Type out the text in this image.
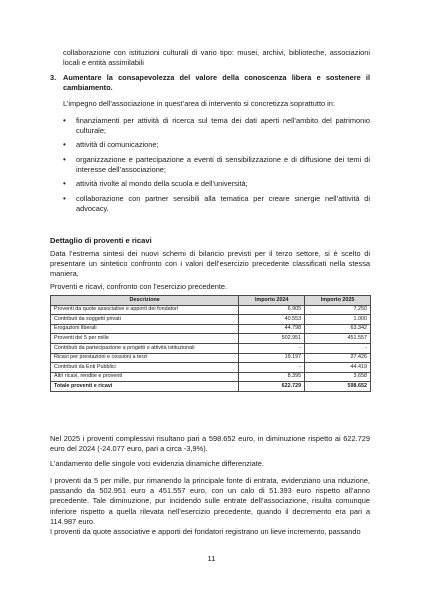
collaborazione con istituzioni culturali di vario tipo: musei, archivi, biblioteche, associazioni locali e entità assimilabili

3. Aumentare la consapevolezza del valore della conoscenza libera e sostenere il cambiamento.

L’impegno dell’associazione in quest’area di intervento si concretizza soprattutto in:

• finanziamenti per attività di ricerca sul tema dei dati aperti nell’ambito del patrimonio culturale;
• attività di comunicazione;
• organizzazione e partecipazione a eventi di sensibilizzazione e di diffusione dei temi di interesse dell’associazione;
• attività rivolte al mondo della scuola e dell’università;
• collaborazione con partner sensibili alla tematica per creare sinergie nell’attività di advocacy.
Dettaglio di proventi e ricavi

Data l’estrema sintesi dei nuovi schemi di bilancio previsti per il terzo settore, si è scelto di presentare un sintetico confronto con i valori dell’esercizio precedente classificati nella stessa maniera.

Proventi e ricavi, confronto con l’esercizio precedente.

Descrizione	Importo 2024	Importo 2025
Proventi da quote associative e apporti dei fondatori	6.905	7.250
Contributi da soggetti privati	40.553	1.000
Erogazioni liberali	44.798	63.342
Proventi del 5 per mille	502.951	451.557
Contributi da partecipazione a progetti o attività istituzionali	-	-
Ricavi per prestazioni e cessioni a terzi	19.197	27.426
Contributi da Enti Pubblici	-	44.419
Altri ricavi, rendite e proventi	8.395	3.658
Totale proventi e ricavi	622.729	598.652

Nel 2025 i proventi complessivi risultano pari a 598.652 euro, in diminuzione rispetto ai 622.729 euro del 2024 (-24.077 euro, pari a circa -3,9%).

L’andamento delle singole voci evidenzia dinamiche differenziate.

I proventi da 5 per mille, pur rimanendo la principale fonte di entrata, evidenziano una riduzione, passando da 502.951 euro a 451.557 euro, con un calo di 51.393 euro rispetto all’anno precedente. Tale diminuzione, pur incidendo sulle entrate dell’associazione, risulta comunque inferiore rispetto a quella rilevata nell’esercizio precedente, quando il decremento era pari a 114.987 euro.

I proventi da quote associative e apporti dei fondatori registrano un lieve incremento, passando

11
